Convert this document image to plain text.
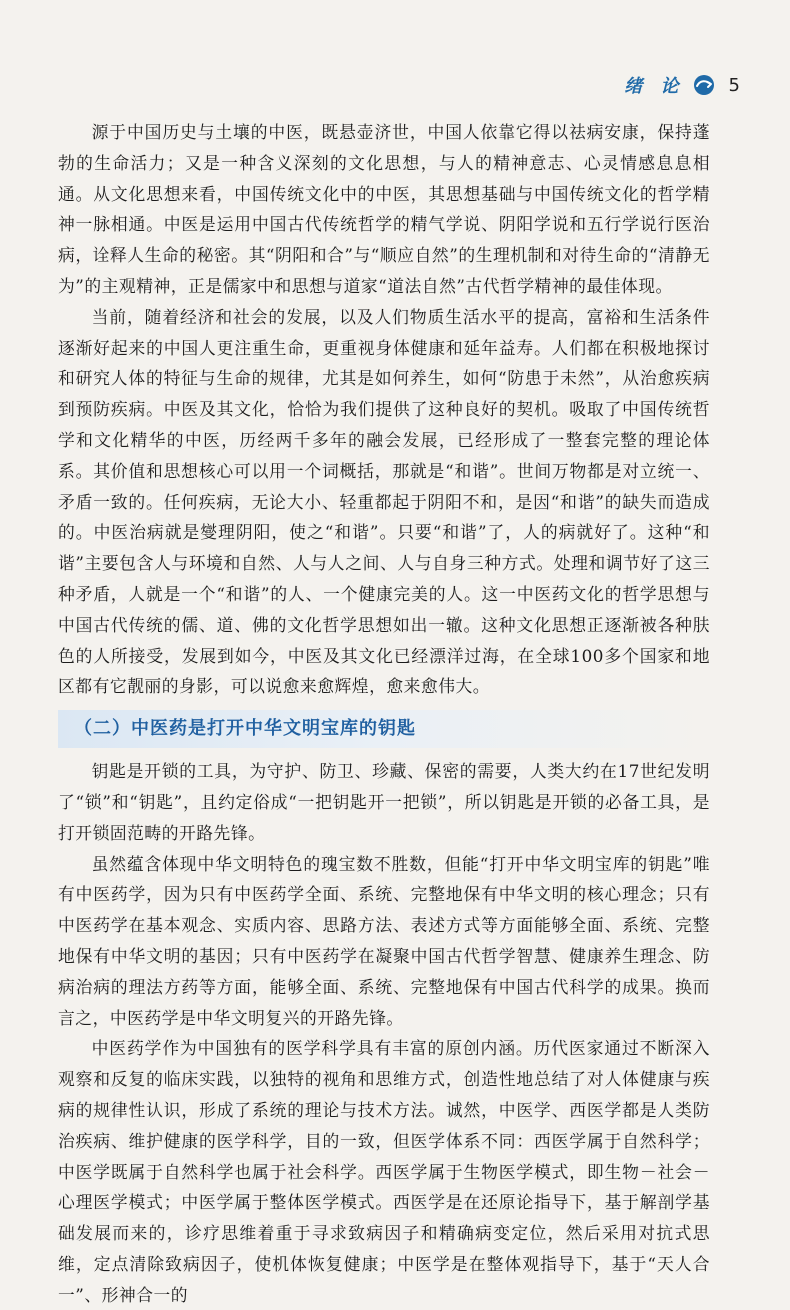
绪 论 5

源于中国历史与土壤的中医，既悬壶济世，中国人依靠它得以祛病安康，保持蓬勃的生命活力；又是一种含义深刻的文化思想，与人的精神意志、心灵情感息息相通。从文化思想来看，中国传统文化中的中医，其思想基础与中国传统文化的哲学精神一脉相通。中医是运用中国古代传统哲学的精气学说、阴阳学说和五行学说行医治病，诠释人生命的秘密。其“阴阳和合”与“顺应自然”的生理机制和对待生命的“清静无为”的主观精神，正是儒家中和思想与道家“道法自然”古代哲学精神的最佳体现。

当前，随着经济和社会的发展，以及人们物质生活水平的提高，富裕和生活条件逐渐好起来的中国人更注重生命，更重视身体健康和延年益寿。人们都在积极地探讨和研究人体的特征与生命的规律，尤其是如何养生，如何“防患于未然”，从治愈疾病到预防疾病。中医及其文化，恰恰为我们提供了这种良好的契机。吸取了中国传统哲学和文化精华的中医，历经两千多年的融会发展，已经形成了一整套完整的理论体系。其价值和思想核心可以用一个词概括，那就是“和谐”。世间万物都是对立统一、矛盾一致的。任何疾病，无论大小、轻重都起于阴阳不和，是因“和谐”的缺失而造成的。中医治病就是燮理阴阳，使之“和谐”。只要“和谐”了，人的病就好了。这种“和谐”主要包含人与环境和自然、人与人之间、人与自身三种方式。处理和调节好了这三种矛盾，人就是一个“和谐”的人、一个健康完美的人。这一中医药文化的哲学思想与中国古代传统的儒、道、佛的文化哲学思想如出一辙。这种文化思想正逐渐被各种肤色的人所接受，发展到如今，中医及其文化已经漂洋过海，在全球100多个国家和地区都有它靓丽的身影，可以说愈来愈辉煌，愈来愈伟大。

（二）中医药是打开中华文明宝库的钥匙

钥匙是开锁的工具，为守护、防卫、珍藏、保密的需要，人类大约在17世纪发明了“锁”和“钥匙”，且约定俗成“一把钥匙开一把锁”，所以钥匙是开锁的必备工具，是打开锁固范畴的开路先锋。

虽然蕴含体现中华文明特色的瑰宝数不胜数，但能“打开中华文明宝库的钥匙”唯有中医药学，因为只有中医药学全面、系统、完整地保有中华文明的核心理念；只有中医药学在基本观念、实质内容、思路方法、表述方式等方面能够全面、系统、完整地保有中华文明的基因；只有中医药学在凝聚中国古代哲学智慧、健康养生理念、防病治病的理法方药等方面，能够全面、系统、完整地保有中国古代科学的成果。换而言之，中医药学是中华文明复兴的开路先锋。

中医药学作为中国独有的医学科学具有丰富的原创内涵。历代医家通过不断深入观察和反复的临床实践，以独特的视角和思维方式，创造性地总结了对人体健康与疾病的规律性认识，形成了系统的理论与技术方法。诚然，中医学、西医学都是人类防治疾病、维护健康的医学科学，目的一致，但医学体系不同：西医学属于自然科学；中医学既属于自然科学也属于社会科学。西医学属于生物医学模式，即生物－社会－心理医学模式；中医学属于整体医学模式。西医学是在还原论指导下，基于解剖学基础发展而来的，诊疗思维着重于寻求致病因子和精确病变定位，然后采用对抗式思维，定点清除致病因子，使机体恢复健康；中医学是在整体观指导下，基于“天人合一”、形神合一的
